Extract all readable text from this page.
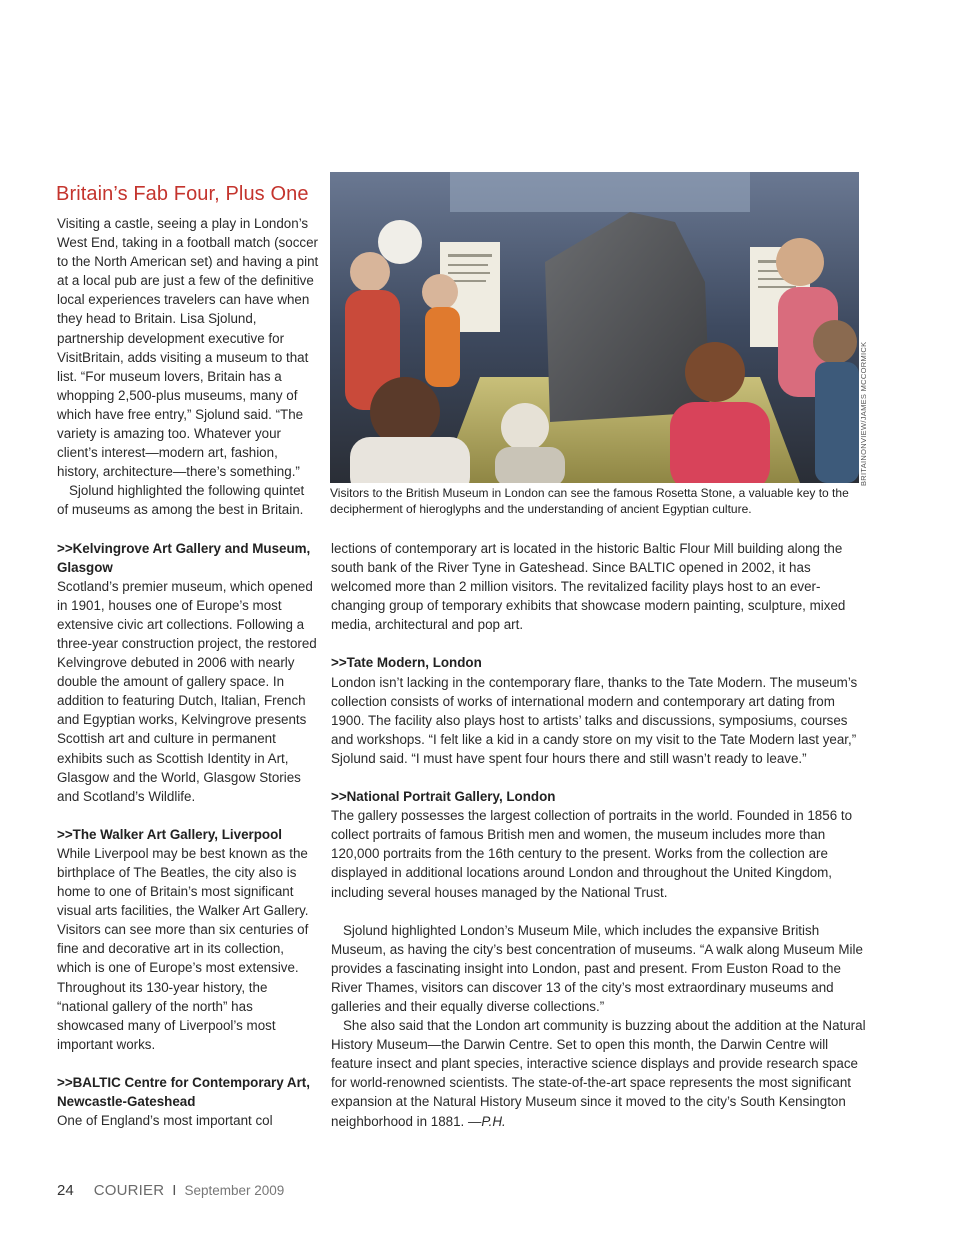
Britain’s Fab Four, Plus One

Visiting a castle, seeing a play in London’s West End, taking in a football match (soccer to the North American set) and having a pint at a local pub are just a few of the definitive local experiences travelers can have when they head to Britain. Lisa Sjolund, partnership development executive for VisitBritain, adds visiting a museum to that list. “For museum lovers, Britain has a whopping 2,500-plus museums, many of which have free entry,” Sjolund said. “The variety is amazing too. Whatever your client’s interest—modern art, fashion, history, architecture—there’s something.”

Sjolund highlighted the following quintet of museums as among the best in Britain.

>>Kelvingrove Art Gallery and Museum, Glasgow

Scotland’s premier museum, which opened in 1901, houses one of Europe’s most extensive civic art collections. Following a three-year construction project, the restored Kelvingrove debuted in 2006 with nearly double the amount of gallery space. In addition to featuring Dutch, Italian, French and Egyptian works, Kelvingrove presents Scottish art and culture in permanent exhibits such as Scottish Identity in Art, Glasgow and the World, Glasgow Stories and Scotland’s Wildlife.

>>The Walker Art Gallery, Liverpool

While Liverpool may be best known as the birthplace of The Beatles, the city also is home to one of Britain’s most significant visual arts facilities, the Walker Art Gallery. Visitors can see more than six centuries of fine and decorative art in its collection, which is one of Europe’s most extensive. Throughout its 130-year history, the “national gallery of the north” has showcased many of Liverpool’s most important works.

>>BALTIC Centre for Contemporary Art, Newcastle-Gateshead

One of England’s most important col

BRITAINONVIEW/JAMES MCCORMICK
Visitors to the British Museum in London can see the famous Rosetta Stone, a valuable key to the decipherment of hieroglyphs and the understanding of ancient Egyptian culture.

lections of contemporary art is located in the historic Baltic Flour Mill building along the south bank of the River Tyne in Gateshead. Since BALTIC opened in 2002, it has welcomed more than 2 million visitors. The revitalized facility plays host to an ever-changing group of temporary exhibits that showcase modern painting, sculpture, mixed media, architectural and pop art.

>>Tate Modern, London

London isn’t lacking in the contemporary flare, thanks to the Tate Modern. The museum’s collection consists of works of international modern and contemporary art dating from 1900. The facility also plays host to artists’ talks and discussions, symposiums, courses and workshops. “I felt like a kid in a candy store on my visit to the Tate Modern last year,” Sjolund said. “I must have spent four hours there and still wasn’t ready to leave.”

>>National Portrait Gallery, London

The gallery possesses the largest collection of portraits in the world. Founded in 1856 to collect portraits of famous British men and women, the museum includes more than 120,000 portraits from the 16th century to the present. Works from the collection are displayed in additional locations around London and throughout the United Kingdom, including several houses managed by the National Trust.

Sjolund highlighted London’s Museum Mile, which includes the expansive British Museum, as having the city’s best concentration of museums. “A walk along Museum Mile provides a fascinating insight into London, past and present. From Euston Road to the River Thames, visitors can discover 13 of the city’s most extraordinary museums and galleries and their equally diverse collections.”

She also said that the London art community is buzzing about the addition at the Natural History Museum—the Darwin Centre. Set to open this month, the Darwin Centre will feature insect and plant species, interactive science displays and provide research space for world-renowned scientists. The state-of-the-art space represents the most significant expansion at the Natural History Museum since it moved to the city’s South Kensington neighborhood in 1881. —P.H.

24 COURIER I September 2009
